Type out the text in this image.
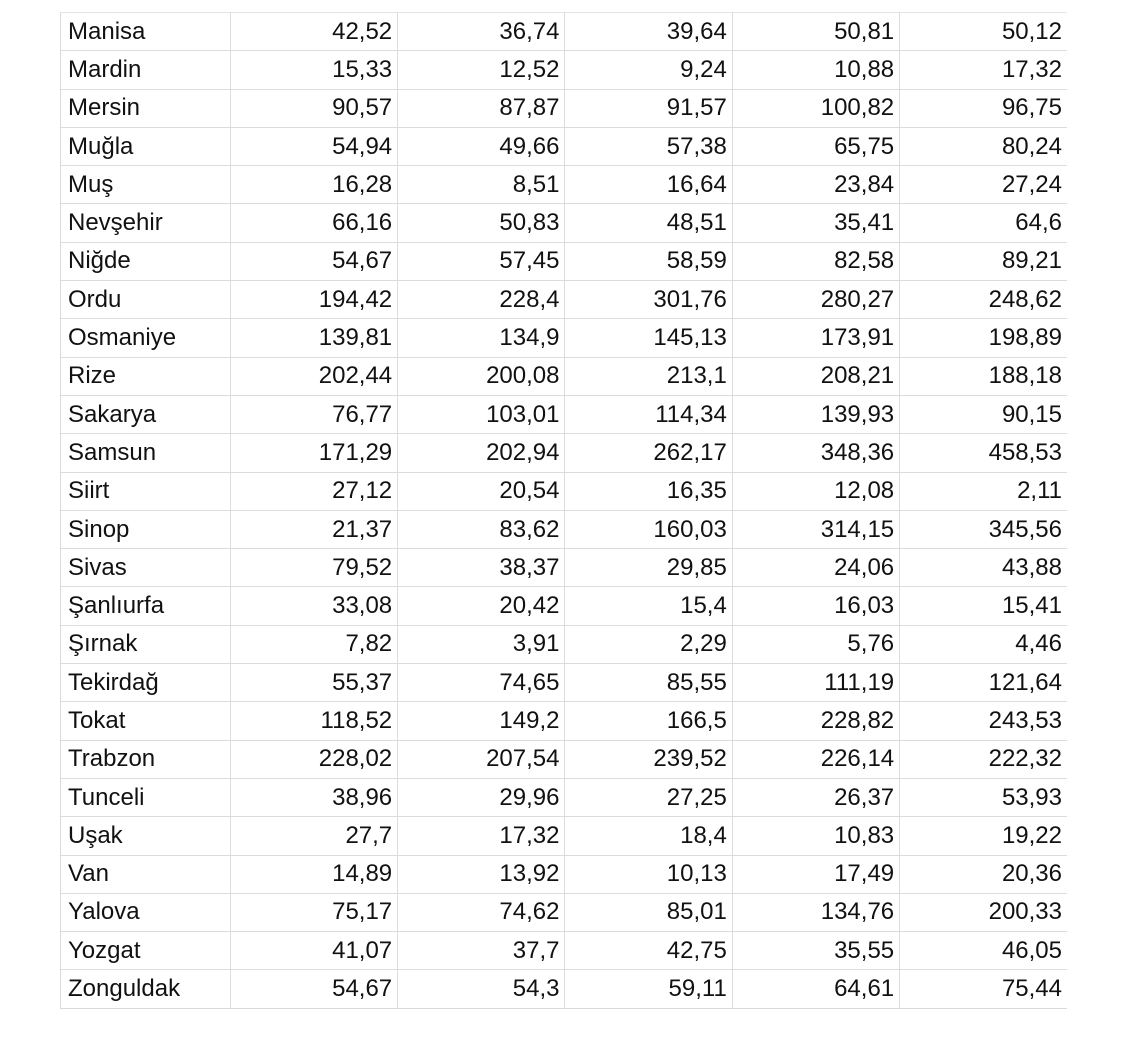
Manisa	42,52	36,74	39,64	50,81	50,12
Mardin	15,33	12,52	9,24	10,88	17,32
Mersin	90,57	87,87	91,57	100,82	96,75
Muğla	54,94	49,66	57,38	65,75	80,24
Muş	16,28	8,51	16,64	23,84	27,24
Nevşehir	66,16	50,83	48,51	35,41	64,6
Niğde	54,67	57,45	58,59	82,58	89,21
Ordu	194,42	228,4	301,76	280,27	248,62
Osmaniye	139,81	134,9	145,13	173,91	198,89
Rize	202,44	200,08	213,1	208,21	188,18
Sakarya	76,77	103,01	114,34	139,93	90,15
Samsun	171,29	202,94	262,17	348,36	458,53
Siirt	27,12	20,54	16,35	12,08	2,11
Sinop	21,37	83,62	160,03	314,15	345,56
Sivas	79,52	38,37	29,85	24,06	43,88
Şanlıurfa	33,08	20,42	15,4	16,03	15,41
Şırnak	7,82	3,91	2,29	5,76	4,46
Tekirdağ	55,37	74,65	85,55	111,19	121,64
Tokat	118,52	149,2	166,5	228,82	243,53
Trabzon	228,02	207,54	239,52	226,14	222,32
Tunceli	38,96	29,96	27,25	26,37	53,93
Uşak	27,7	17,32	18,4	10,83	19,22
Van	14,89	13,92	10,13	17,49	20,36
Yalova	75,17	74,62	85,01	134,76	200,33
Yozgat	41,07	37,7	42,75	35,55	46,05
Zonguldak	54,67	54,3	59,11	64,61	75,44
